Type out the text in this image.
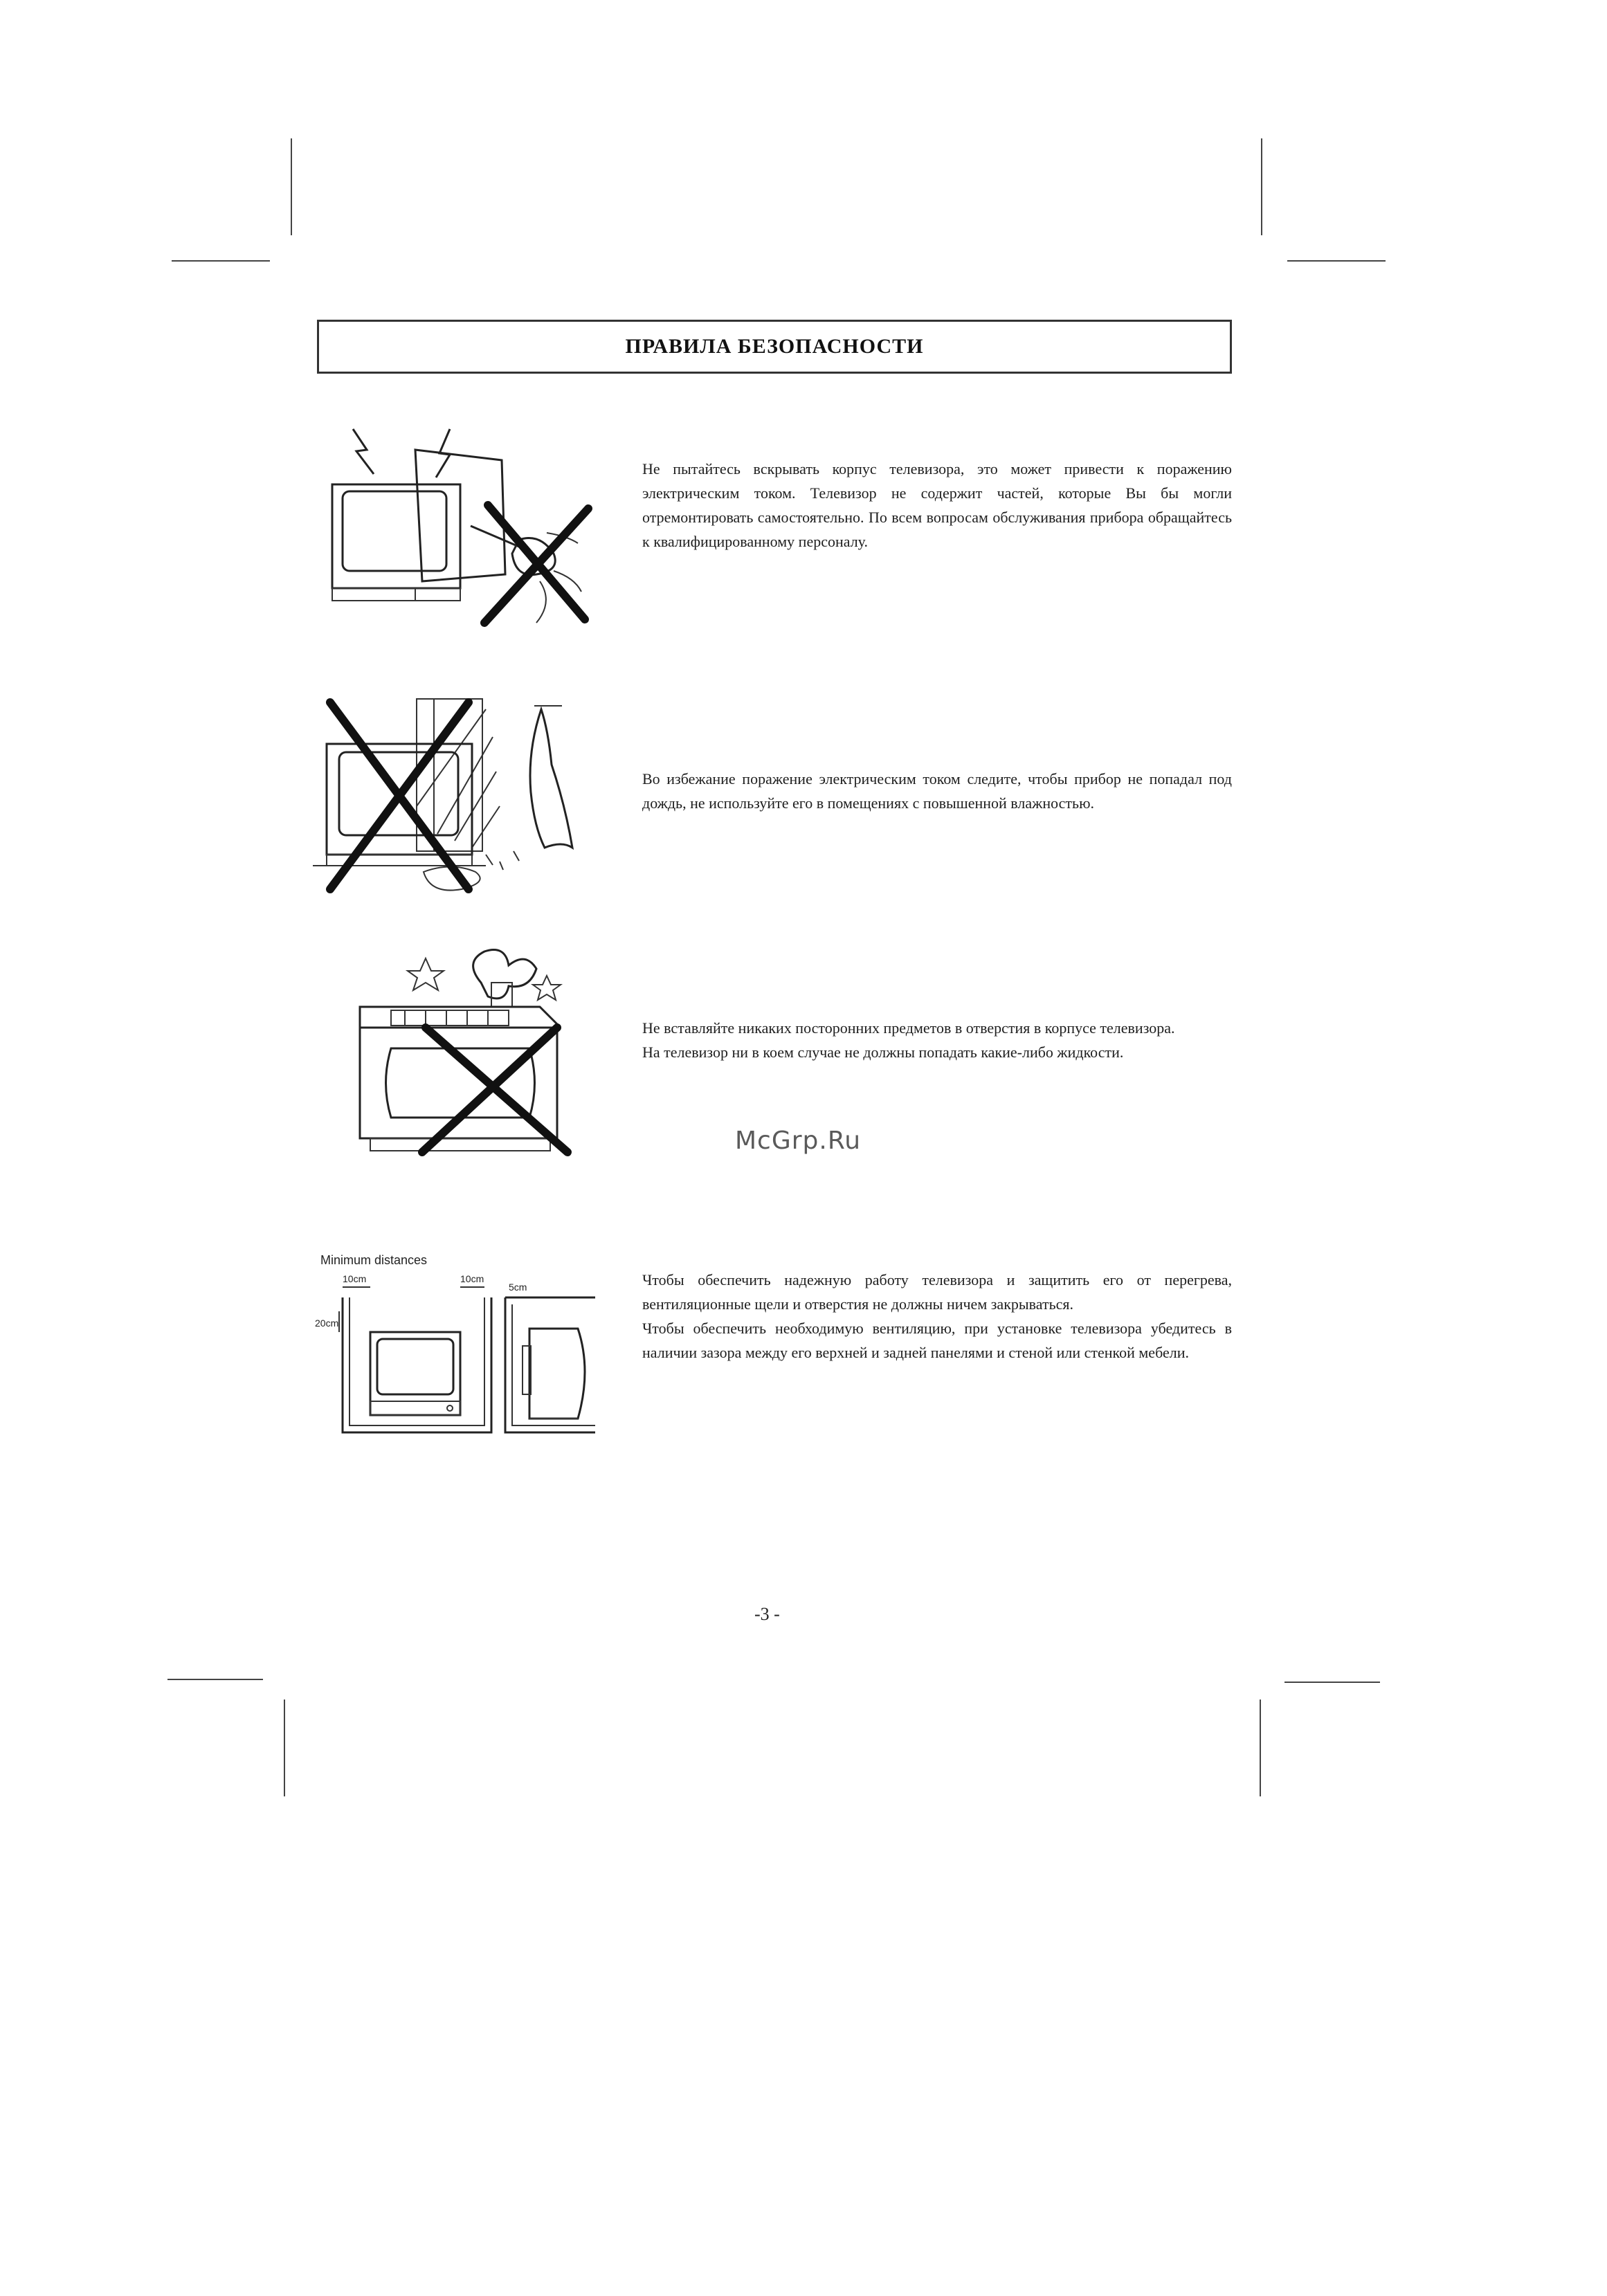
ПРАВИЛА БЕЗОПАСНОСТИ
Minimum distances
10cm	10cm
20cm
5cm

Не пытайтесь вскрывать корпус телевизора, это может привести к поражению электрическим током. Телевизор не содержит частей, которые Вы бы могли отремонтировать самостоятельно. По всем вопросам обслуживания прибора обращайтесь к квалифицированному персоналу.

Во избежание поражение электрическим током следите, чтобы прибор не попадал под дождь, не используйте его в помещениях с повышенной влажностью.

Не вставляйте никаких посторонних предметов в отверстия в корпусе телевизора.

На телевизор ни в коем случае не должны попадать какие-либо жидкости.

Чтобы обеспечить надежную работу телевизора и защитить его от перегрева, вентиляционные щели и отверстия не должны ничем закрываться.

Чтобы обеспечить необходимую вентиляцию, при установке телевизора убедитесь в наличии зазора между его верхней и задней панелями и стеной или стенкой мебели.

McGrp.Ru
-3 -
